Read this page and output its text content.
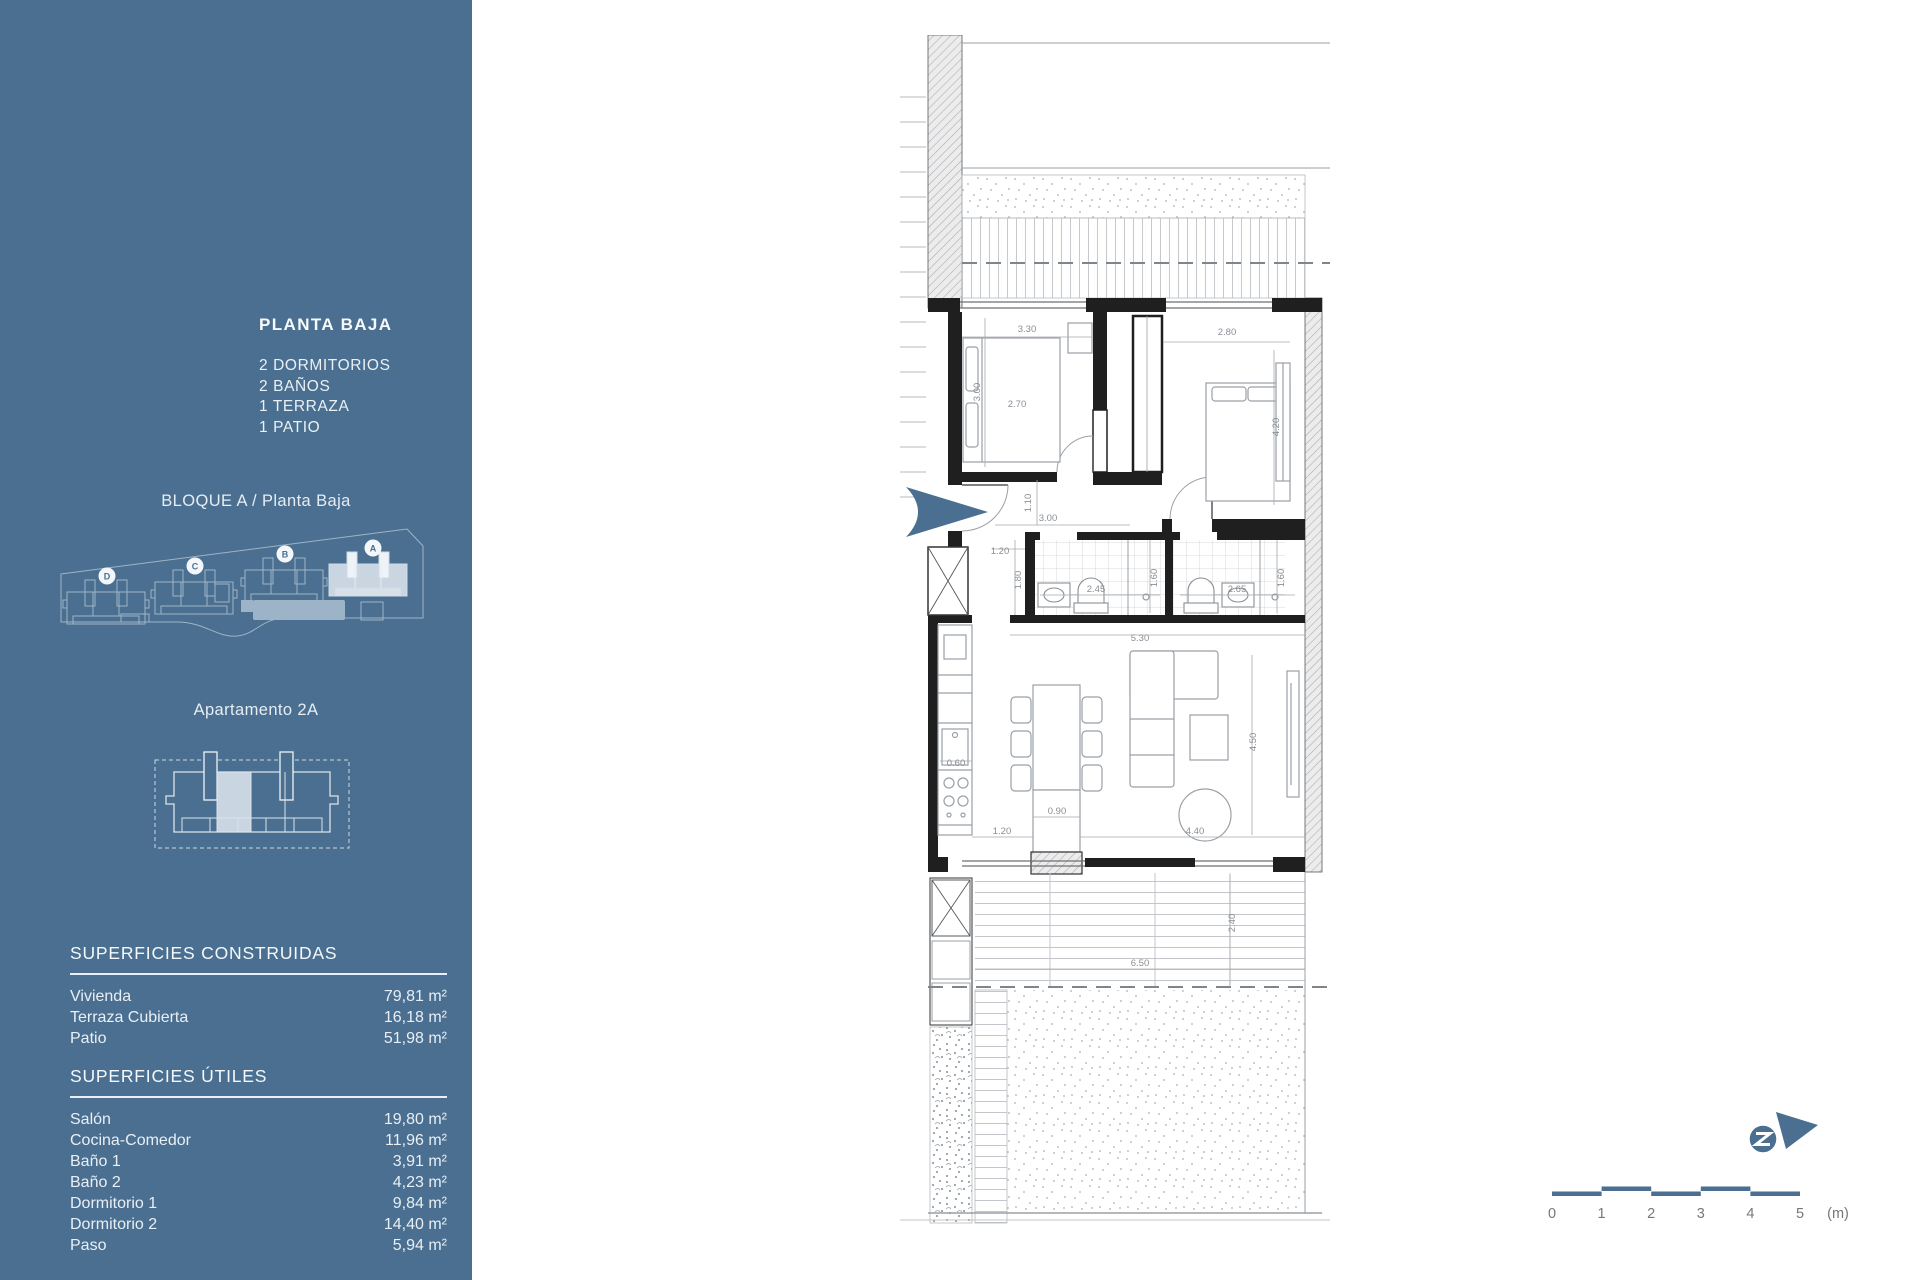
PLANTA BAJA
2 DORMITORIOS
2 BAÑOS
1 TERRAZA
1 PATIO
BLOQUE A / Planta Baja
D
C
B
A
Apartamento 2A
SUPERFICIES CONSTRUIDAS
Vivienda	79,81 m²
Terraza Cubierta	16,18 m²
Patio	51,98 m²
SUPERFICIES ÚTILES
Salón	19,80 m²
Cocina-Comedor	11,96 m²
Baño 1	3,91 m²
Baño 2	4,23 m²
Dormitorio 1	9,84 m²
Dormitorio 2	14,40 m²
Paso	5,94 m²
3.30
3.00
2.70
2.80
4.20
1.10
3.00
1.20
1.80
2.45
1.60
2.65
1.60
5.30
0.60
0.90
1.20	4.40
4.50
6.50
2.40
0	1	2	3	4	5 (m)
